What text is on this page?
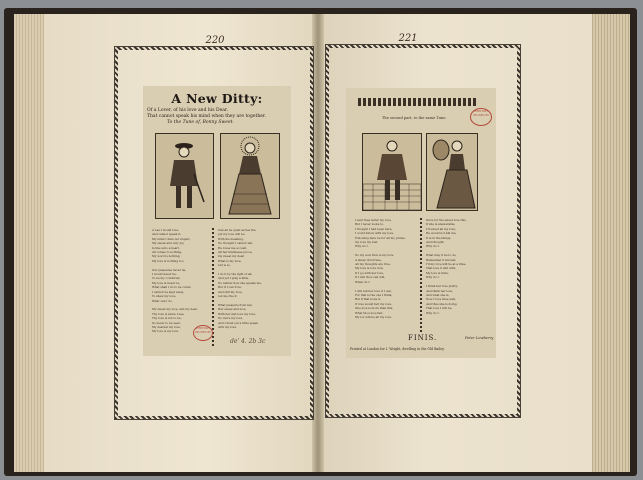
220
A New Ditty:
Of a Lover, of his love and his Dear.
That cannot speak his mind when they are together.
To the Tune of, Bonny Sweet.
A Las I would love,
And cannot speak it,
My mind I dare not impart,
My sweet and only Joy,
Is like unto a heart,
All comes to nothing,
My word is nothing,
My love is nothing too.

Our pleasures never lie,
I would never lie,
To be my comforter,
My love is never so,
What shall I do to be cured,
I cannot be kept away,
To shew my love,
What can I do.

My sweet my love, and my dear,
Thy love is alone I see,
Thy love is not to be,
So never to be seen,
My dearest my love,
My love is my love.
Can all be quiet as lies the
yet my love will be.
With his meaning,
No thought I cannot tell,
He loves me so well,
All her kindnesse prove,
my sweet my dear,
What is my love,
but is so.

I do it by the light of all,
And yet I pray a little,
No matter how she speaks me,
But if I can it be.
And still my love,
Let me live it.

What pleasure from her,
Her sweet and love,
With her and love my love,
No more my love,
And I must yet a little speak
with my love.
BRITISH MUSEUM
de' 4. 2b 3c
221
BRITISH MUSEUM
The second part, to the same Tune.
I sent thee letter my love,
But I never looke to,
I thought I had been here,
I could follow with my love,
Following here be for all my prides,
my love my rest.
Why do I.

No my soul thou is my love,
A sharp ill fortune,
All my thoughts are true,
My love is love now,
If I go with her love,
If I will thou can will,
When do I.

I will tell her love it I can,
For that is the one I think,
But if that none it,
If love would fair my love,
One love is more than this,
What thou love fair,
My lov will be all my love.
Once for the sweet love this,
If she is answerable,
I'll sweet all my love,
He would not kill me,
It is in the things,
And thought,
Why do I.

What may it be to do,
Remember it knowst,
I'll my love will be at a time,
That love it will doth,
My love is faire,
Why do I.

I think her love pretty,
And think her love,
And what she is,
Now I love thee well,
And thus she is doing,
That love I will be,
Why do I.
FINIS.	Peter Lowberry
Printed at London for I. Wright, dwelling in the Old Bailey.
